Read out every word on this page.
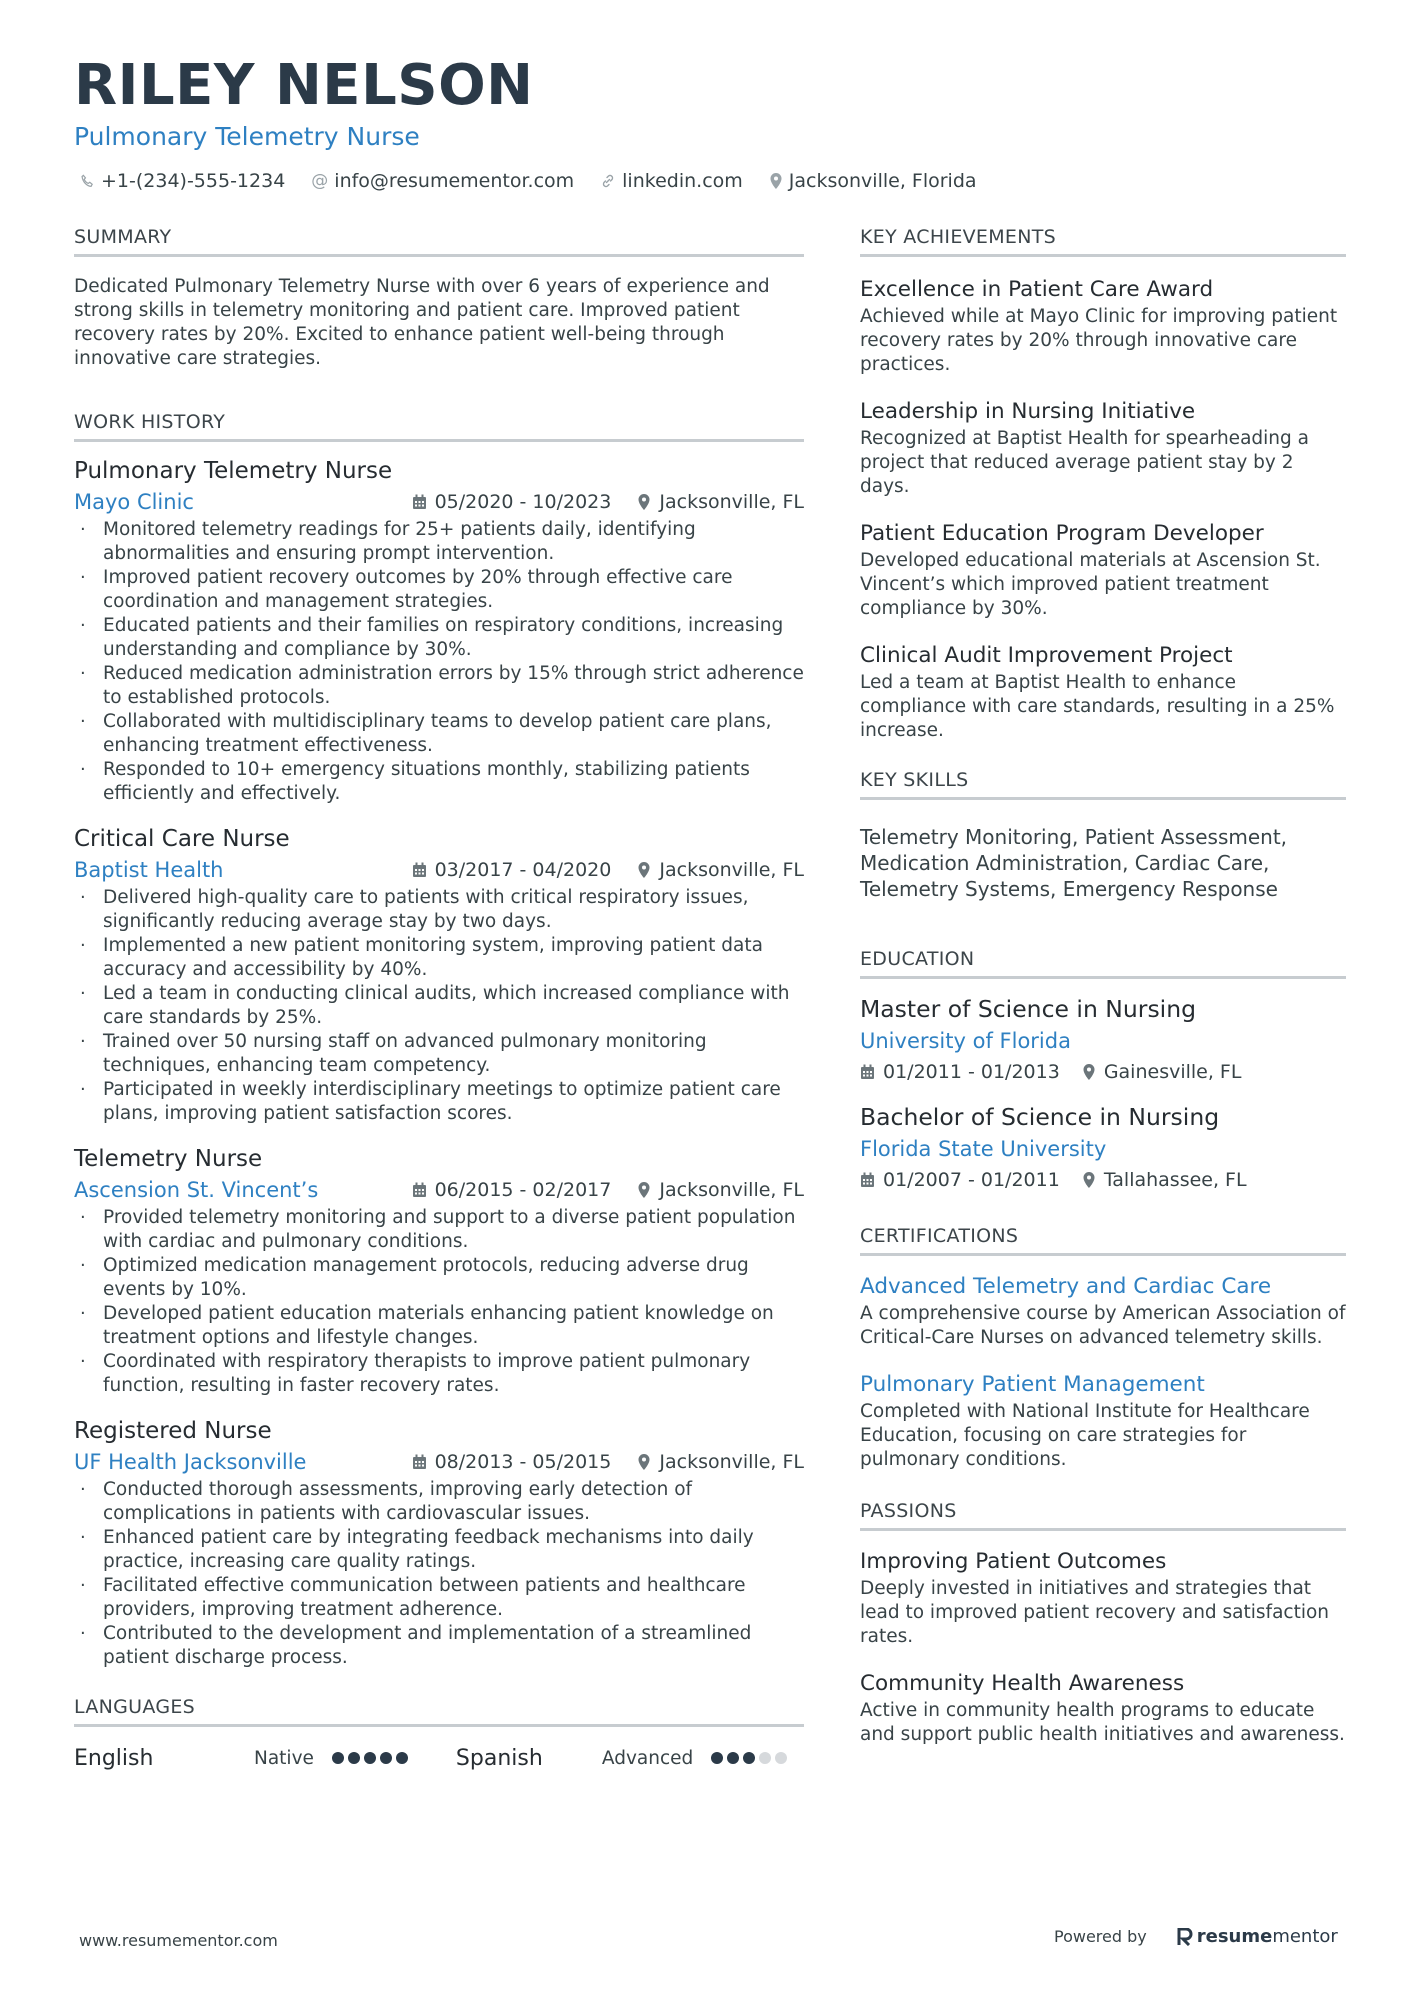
RILEY NELSON
Pulmonary Telemetry Nurse
+1-(234)-555-1234 @ info@resumementor.com	linkedin.com Jacksonville, Florida
SUMMARY
Dedicated Pulmonary Telemetry Nurse with over 6 years of experience and strong skills in telemetry monitoring and patient care. Improved patient recovery rates by 20%. Excited to enhance patient well-being through innovative care strategies.
WORK HISTORY
Pulmonary Telemetry Nurse
Mayo Clinic	05/2020 - 10/2023	Jacksonville, FL
· Monitored telemetry readings for 25+ patients daily, identifying abnormalities and ensuring prompt intervention.
· Improved patient recovery outcomes by 20% through effective care coordination and management strategies.
· Educated patients and their families on respiratory conditions, increasing understanding and compliance by 30%.
· Reduced medication administration errors by 15% through strict adherence to established protocols.
· Collaborated with multidisciplinary teams to develop patient care plans, enhancing treatment effectiveness.
· Responded to 10+ emergency situations monthly, stabilizing patients efficiently and effectively.
Critical Care Nurse
Baptist Health	03/2017 - 04/2020	Jacksonville, FL
· Delivered high-quality care to patients with critical respiratory issues, significantly reducing average stay by two days.
· Implemented a new patient monitoring system, improving patient data accuracy and accessibility by 40%.
· Led a team in conducting clinical audits, which increased compliance with care standards by 25%.
· Trained over 50 nursing staff on advanced pulmonary monitoring techniques, enhancing team competency.
· Participated in weekly interdisciplinary meetings to optimize patient care plans, improving patient satisfaction scores.
Telemetry Nurse
Ascension St. Vincent’s	06/2015 - 02/2017	Jacksonville, FL
· Provided telemetry monitoring and support to a diverse patient population with cardiac and pulmonary conditions.
· Optimized medication management protocols, reducing adverse drug events by 10%.
· Developed patient education materials enhancing patient knowledge on treatment options and lifestyle changes.
· Coordinated with respiratory therapists to improve patient pulmonary function, resulting in faster recovery rates.
Registered Nurse
UF Health Jacksonville	08/2013 - 05/2015	Jacksonville, FL
· Conducted thorough assessments, improving early detection of complications in patients with cardiovascular issues.
· Enhanced patient care by integrating feedback mechanisms into daily practice, increasing care quality ratings.
· Facilitated effective communication between patients and healthcare providers, improving treatment adherence.
· Contributed to the development and implementation of a streamlined patient discharge process.
LANGUAGES
English	Native	Spanish	Advanced
KEY ACHIEVEMENTS
Excellence in Patient Care Award
Achieved while at Mayo Clinic for improving patient recovery rates by 20% through innovative care practices.
Leadership in Nursing Initiative
Recognized at Baptist Health for spearheading a project that reduced average patient stay by 2 days.
Patient Education Program Developer
Developed educational materials at Ascension St. Vincent’s which improved patient treatment compliance by 30%.
Clinical Audit Improvement Project
Led a team at Baptist Health to enhance compliance with care standards, resulting in a 25% increase.
KEY SKILLS
Telemetry Monitoring, Patient Assessment, Medication Administration, Cardiac Care, Telemetry Systems, Emergency Response
EDUCATION
Master of Science in Nursing
University of Florida
01/2011 - 01/2013 Gainesville, FL
Bachelor of Science in Nursing
Florida State University
01/2007 - 01/2011 Tallahassee, FL
CERTIFICATIONS
Advanced Telemetry and Cardiac Care
A comprehensive course by American Association of Critical-Care Nurses on advanced telemetry skills.
Pulmonary Patient Management
Completed with National Institute for Healthcare Education, focusing on care strategies for pulmonary conditions.
PASSIONS
Improving Patient Outcomes
Deeply invested in initiatives and strategies that lead to improved patient recovery and satisfaction rates.
Community Health Awareness
Active in community health programs to educate and support public health initiatives and awareness.
www.resumementor.com	Powered by	resume mentor
